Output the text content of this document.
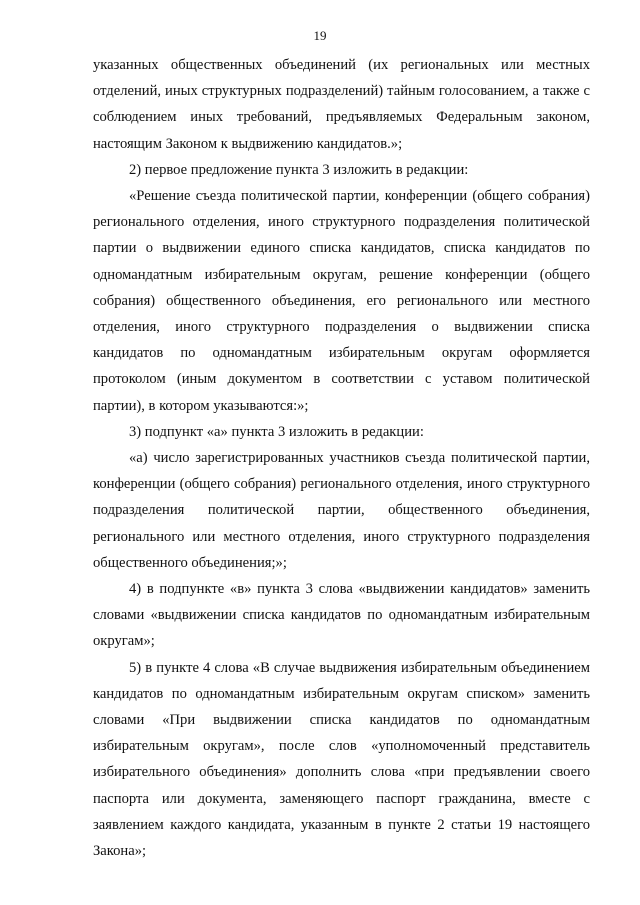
19

указанных общественных объединений (их региональных или местных отделений, иных структурных подразделений) тайным голосованием, а также с соблюдением иных требований, предъявляемых Федеральным законом, настоящим Законом к выдвижению кандидатов.»;

2) первое предложение пункта 3 изложить в редакции:

«Решение съезда политической партии, конференции (общего собрания) регионального отделения, иного структурного подразделения политической партии о выдвижении единого списка кандидатов, списка кандидатов по одномандатным избирательным округам, решение конференции (общего собрания) общественного объединения, его регионального или местного отделения, иного структурного подразделения о выдвижении списка кандидатов по одномандатным избирательным округам оформляется протоколом (иным документом в соответствии с уставом политической партии), в котором указываются:»;

3) подпункт «а» пункта 3 изложить в редакции:

«а) число зарегистрированных участников съезда политической партии, конференции (общего собрания) регионального отделения, иного структурного подразделения политической партии, общественного объединения, регионального или местного отделения, иного структурного подразделения общественного объединения;»;

4) в подпункте «в» пункта 3 слова «выдвижении кандидатов» заменить словами «выдвижении списка кандидатов по одномандатным избирательным округам»;

5) в пункте 4 слова «В случае выдвижения избирательным объединением кандидатов по одномандатным избирательным округам списком» заменить словами «При выдвижении списка кандидатов по одномандатным избирательным округам», после слов «уполномоченный представитель избирательного объединения» дополнить слова «при предъявлении своего паспорта или документа, заменяющего паспорт гражданина, вместе с заявлением каждого кандидата, указанным в пункте 2 статьи 19 настоящего Закона»;
